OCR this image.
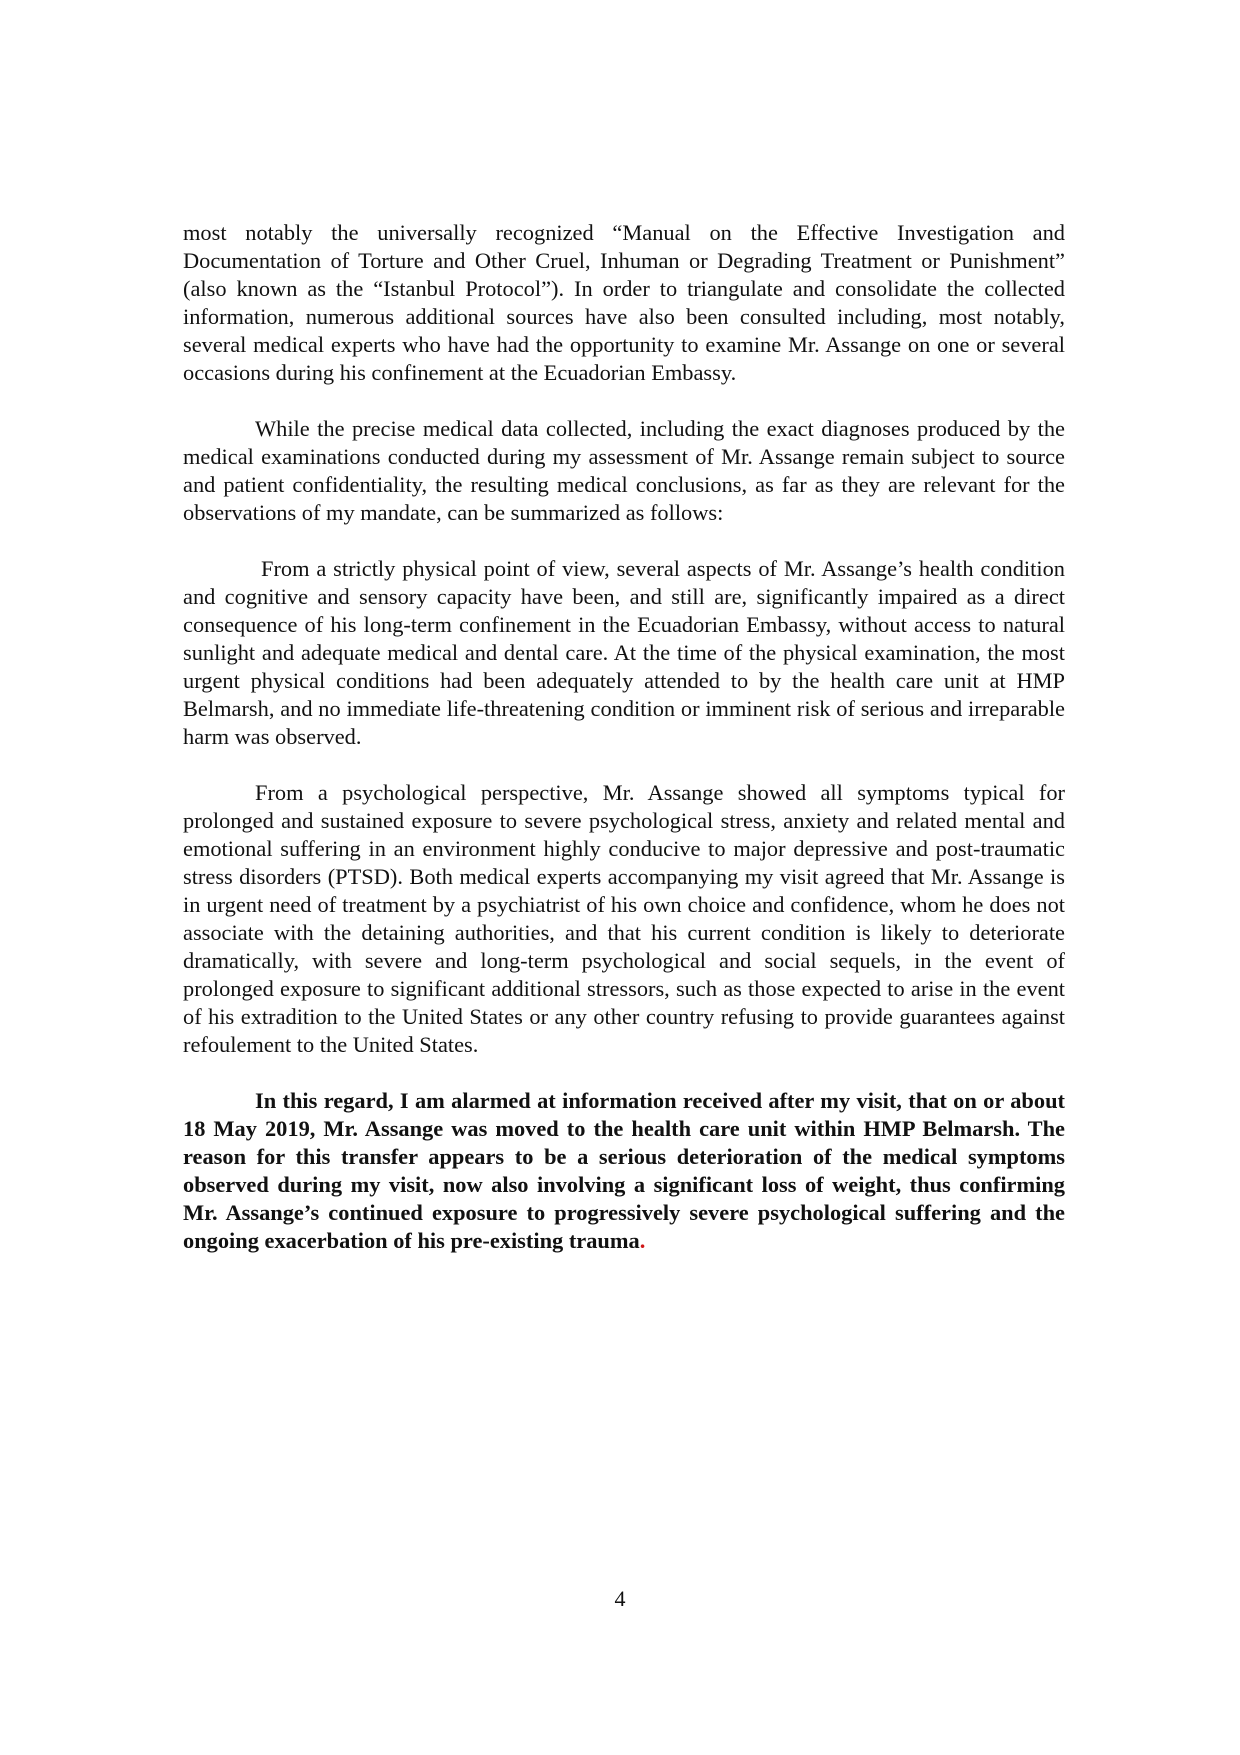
most notably the universally recognized “Manual on the Effective Investigation and Documentation of Torture and Other Cruel, Inhuman or Degrading Treatment or Punishment” (also known as the “Istanbul Protocol”). In order to triangulate and consolidate the collected information, numerous additional sources have also been consulted including, most notably, several medical experts who have had the opportunity to examine Mr. Assange on one or several occasions during his confinement at the Ecuadorian Embassy.

While the precise medical data collected, including the exact diagnoses produced by the medical examinations conducted during my assessment of Mr. Assange remain subject to source and patient confidentiality, the resulting medical conclusions, as far as they are relevant for the observations of my mandate, can be summarized as follows:

From a strictly physical point of view, several aspects of Mr. Assange’s health condition and cognitive and sensory capacity have been, and still are, significantly impaired as a direct consequence of his long-term confinement in the Ecuadorian Embassy, without access to natural sunlight and adequate medical and dental care. At the time of the physical examination, the most urgent physical conditions had been adequately attended to by the health care unit at HMP Belmarsh, and no immediate life-threatening condition or imminent risk of serious and irreparable harm was observed.

From a psychological perspective, Mr. Assange showed all symptoms typical for prolonged and sustained exposure to severe psychological stress, anxiety and related mental and emotional suffering in an environment highly conducive to major depressive and post-traumatic stress disorders (PTSD). Both medical experts accompanying my visit agreed that Mr. Assange is in urgent need of treatment by a psychiatrist of his own choice and confidence, whom he does not associate with the detaining authorities, and that his current condition is likely to deteriorate dramatically, with severe and long-term psychological and social sequels, in the event of prolonged exposure to significant additional stressors, such as those expected to arise in the event of his extradition to the United States or any other country refusing to provide guarantees against refoulement to the United States.

In this regard, I am alarmed at information received after my visit, that on or about 18 May 2019, Mr. Assange was moved to the health care unit within HMP Belmarsh. The reason for this transfer appears to be a serious deterioration of the medical symptoms observed during my visit, now also involving a significant loss of weight, thus confirming Mr. Assange’s continued exposure to progressively severe psychological suffering and the ongoing exacerbation of his pre-existing trauma.

4
